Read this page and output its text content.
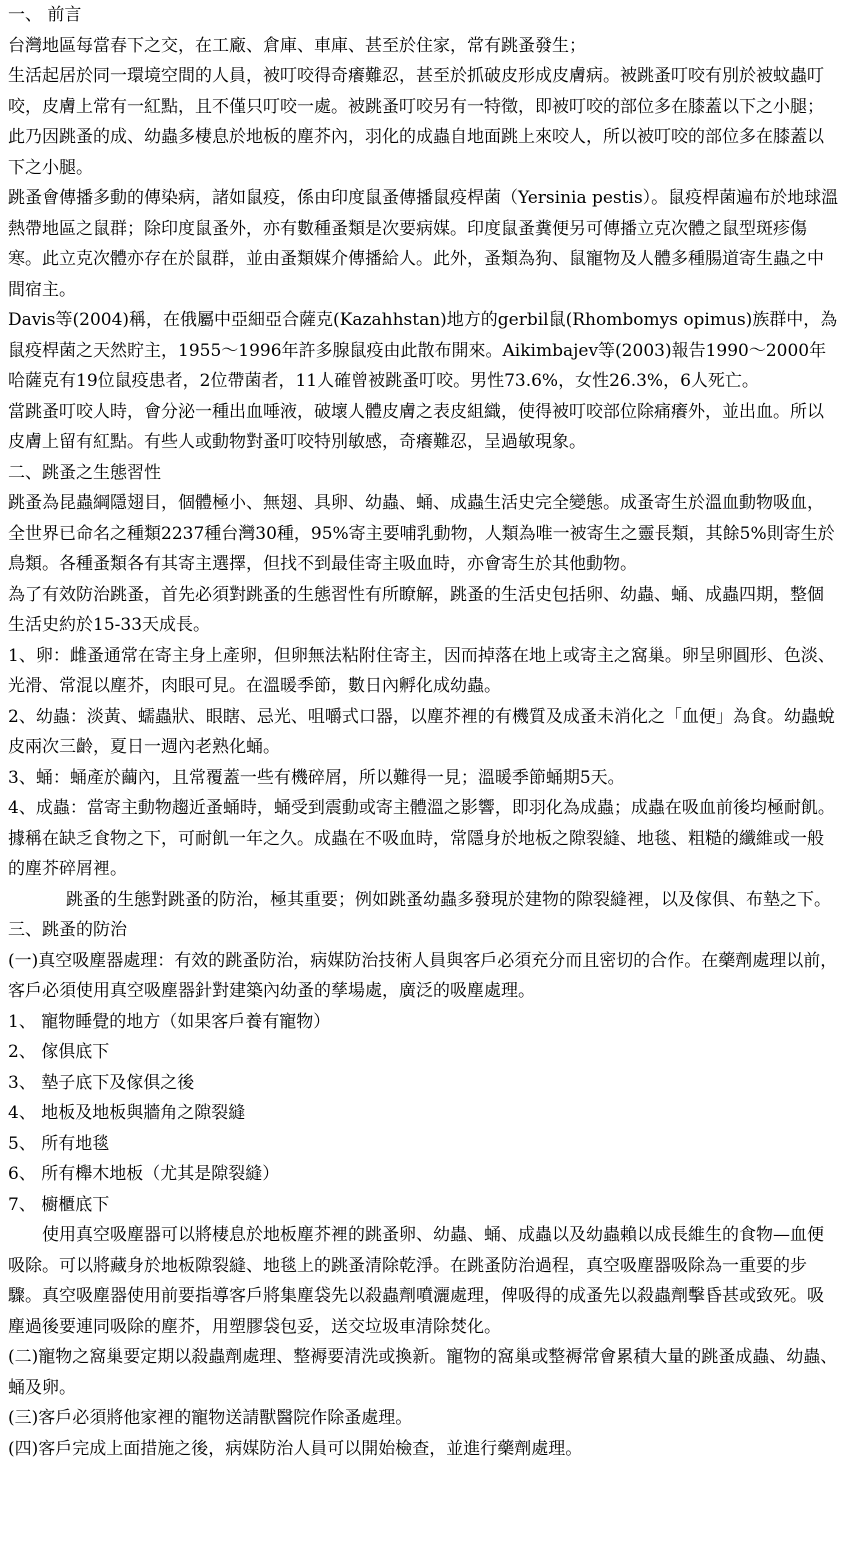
一、 前言

台灣地區每當春下之交，在工廠、倉庫、車庫、甚至於住家，常有跳蚤發生；

生活起居於同一環境空間的人員，被叮咬得奇癢難忍，甚至於抓破皮形成皮膚病。被跳蚤叮咬有別於被蚊蟲叮咬，皮膚上常有一紅點，且不僅只叮咬一處。被跳蚤叮咬另有一特徵，即被叮咬的部位多在膝蓋以下之小腿；此乃因跳蚤的成、幼蟲多棲息於地板的塵芥內，羽化的成蟲自地面跳上來咬人，所以被叮咬的部位多在膝蓋以下之小腿。

跳蚤會傳播多動的傳染病，諸如鼠疫，係由印度鼠蚤傳播鼠疫桿菌（Yersinia pestis）。鼠疫桿菌遍布於地球溫熱帶地區之鼠群；除印度鼠蚤外，亦有數種蚤類是次要病媒。印度鼠蚤糞便另可傳播立克次體之鼠型斑疹傷寒。此立克次體亦存在於鼠群，並由蚤類媒介傳播給人。此外，蚤類為狗、鼠寵物及人體多種腸道寄生蟲之中間宿主。

Davis等(2004)稱，在俄屬中亞細亞合薩克(Kazahhstan)地方的gerbil鼠(Rhombomys opimus)族群中，為鼠疫桿菌之天然貯主，1955～1996年許多腺鼠疫由此散布開來。Aikimbajev等(2003)報告1990～2000年哈薩克有19位鼠疫患者，2位帶菌者，11人確曾被跳蚤叮咬。男性73.6%，女性26.3%，6人死亡。

當跳蚤叮咬人時，會分泌一種出血唾液，破壞人體皮膚之表皮組織，使得被叮咬部位除痛癢外，並出血。所以皮膚上留有紅點。有些人或動物對蚤叮咬特別敏感，奇癢難忍，呈過敏現象。

二、跳蚤之生態習性

跳蚤為昆蟲綱隱翅目，個體極小、無翅、具卵、幼蟲、蛹、成蟲生活史完全變態。成蚤寄生於溫血動物吸血，全世界已命名之種類2237種台灣30種，95%寄主要哺乳動物，人類為唯一被寄生之靈長類，其餘5%則寄生於鳥類。各種蚤類各有其寄主選擇，但找不到最佳寄主吸血時，亦會寄生於其他動物。

為了有效防治跳蚤，首先必須對跳蚤的生態習性有所瞭解，跳蚤的生活史包括卵、幼蟲、蛹、成蟲四期，整個生活史約於15-33天成長。

1、卵：雌蚤通常在寄主身上產卵，但卵無法粘附住寄主，因而掉落在地上或寄主之窩巢。卵呈卵圓形、色淡、光滑、常混以塵芥，肉眼可見。在溫暖季節，數日內孵化成幼蟲。

2、幼蟲：淡黃、蠕蟲狀、眼瞎、忌光、咀嚼式口器，以塵芥裡的有機質及成蚤未消化之「血便」為食。幼蟲蛻皮兩次三齡，夏日一週內老熟化蛹。

3、蛹：蛹產於繭內，且常覆蓋一些有機碎屑，所以難得一見；溫暖季節蛹期5天。

4、成蟲：當寄主動物趨近蚤蛹時，蛹受到震動或寄主體溫之影響，即羽化為成蟲；成蟲在吸血前後均極耐飢。據稱在缺乏食物之下，可耐飢一年之久。成蟲在不吸血時，常隱身於地板之隙裂縫、地毯、粗糙的纖維或一般的塵芥碎屑裡。

跳蚤的生態對跳蚤的防治，極其重要；例如跳蚤幼蟲多發現於建物的隙裂縫裡，以及傢俱、布墊之下。

三、跳蚤的防治

(一)真空吸塵器處理：有效的跳蚤防治，病媒防治技術人員與客戶必須充分而且密切的合作。在藥劑處理以前，客戶必須使用真空吸塵器針對建築內幼蚤的孳場處，廣泛的吸塵處理。

1、 寵物睡覺的地方（如果客戶養有寵物）

2、 傢俱底下

3、 墊子底下及傢俱之後

4、 地板及地板與牆角之隙裂縫

5、 所有地毯

6、 所有櫸木地板（尤其是隙裂縫）

7、 櫥櫃底下

使用真空吸塵器可以將棲息於地板塵芥裡的跳蚤卵、幼蟲、蛹、成蟲以及幼蟲賴以成長維生的食物—血便吸除。可以將藏身於地板隙裂縫、地毯上的跳蚤清除乾淨。在跳蚤防治過程，真空吸塵器吸除為一重要的步驟。真空吸塵器使用前要指導客戶將集塵袋先以殺蟲劑噴灑處理，俾吸得的成蚤先以殺蟲劑擊昏甚或致死。吸塵過後要連同吸除的塵芥，用塑膠袋包妥，送交垃圾車清除焚化。

(二)寵物之窩巢要定期以殺蟲劑處理、整褥要清洗或換新。寵物的窩巢或整褥常會累積大量的跳蚤成蟲、幼蟲、蛹及卵。

(三)客戶必須將他家裡的寵物送請獸醫院作除蚤處理。

(四)客戶完成上面措施之後，病媒防治人員可以開始檢查，並進行藥劑處理。
